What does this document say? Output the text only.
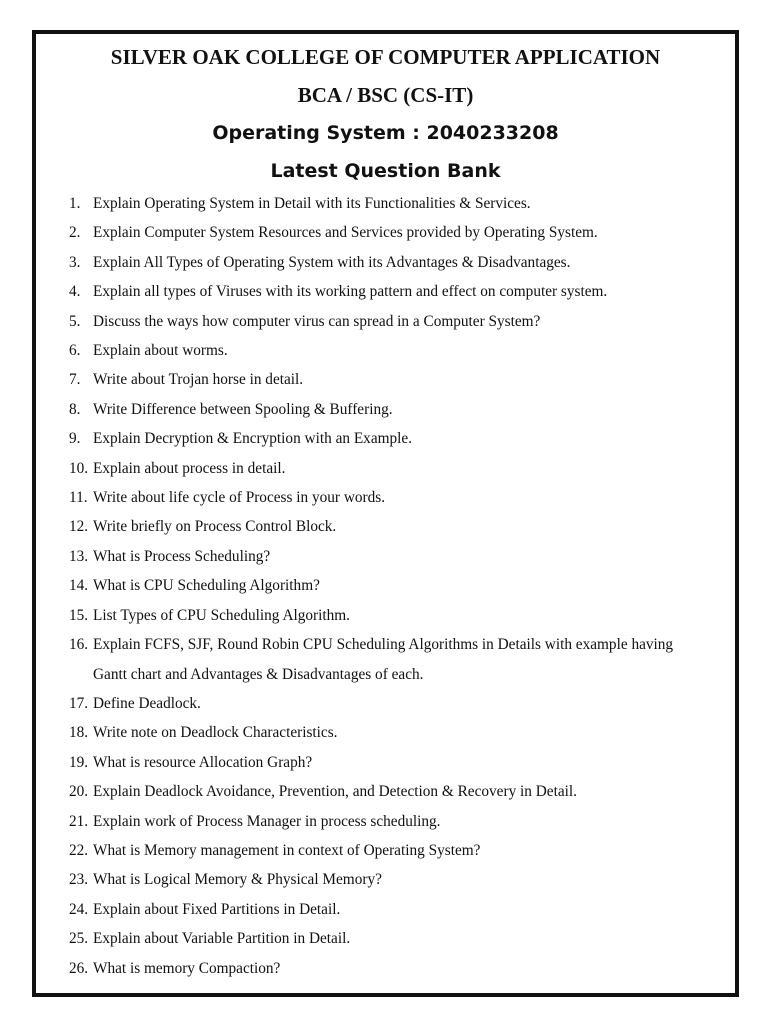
SILVER OAK COLLEGE OF COMPUTER APPLICATION
BCA / BSC (CS-IT)
Operating System : 2040233208
Latest Question Bank
1. Explain Operating System in Detail with its Functionalities & Services.
2. Explain Computer System Resources and Services provided by Operating System.
3. Explain All Types of Operating System with its Advantages & Disadvantages.
4. Explain all types of Viruses with its working pattern and effect on computer system.
5. Discuss the ways how computer virus can spread in a Computer System?
6. Explain about worms.
7. Write about Trojan horse in detail.
8. Write Difference between Spooling & Buffering.
9. Explain Decryption & Encryption with an Example.
10. Explain about process in detail.
11. Write about life cycle of Process in your words.
12. Write briefly on Process Control Block.
13. What is Process Scheduling?
14. What is CPU Scheduling Algorithm?
15. List Types of CPU Scheduling Algorithm.
16. Explain FCFS, SJF, Round Robin CPU Scheduling Algorithms in Details with example having Gantt chart and Advantages & Disadvantages of each.
17. Define Deadlock.
18. Write note on Deadlock Characteristics.
19. What is resource Allocation Graph?
20. Explain Deadlock Avoidance, Prevention, and Detection & Recovery in Detail.
21. Explain work of Process Manager in process scheduling.
22. What is Memory management in context of Operating System?
23. What is Logical Memory & Physical Memory?
24. Explain about Fixed Partitions in Detail.
25. Explain about Variable Partition in Detail.
26. What is memory Compaction?
